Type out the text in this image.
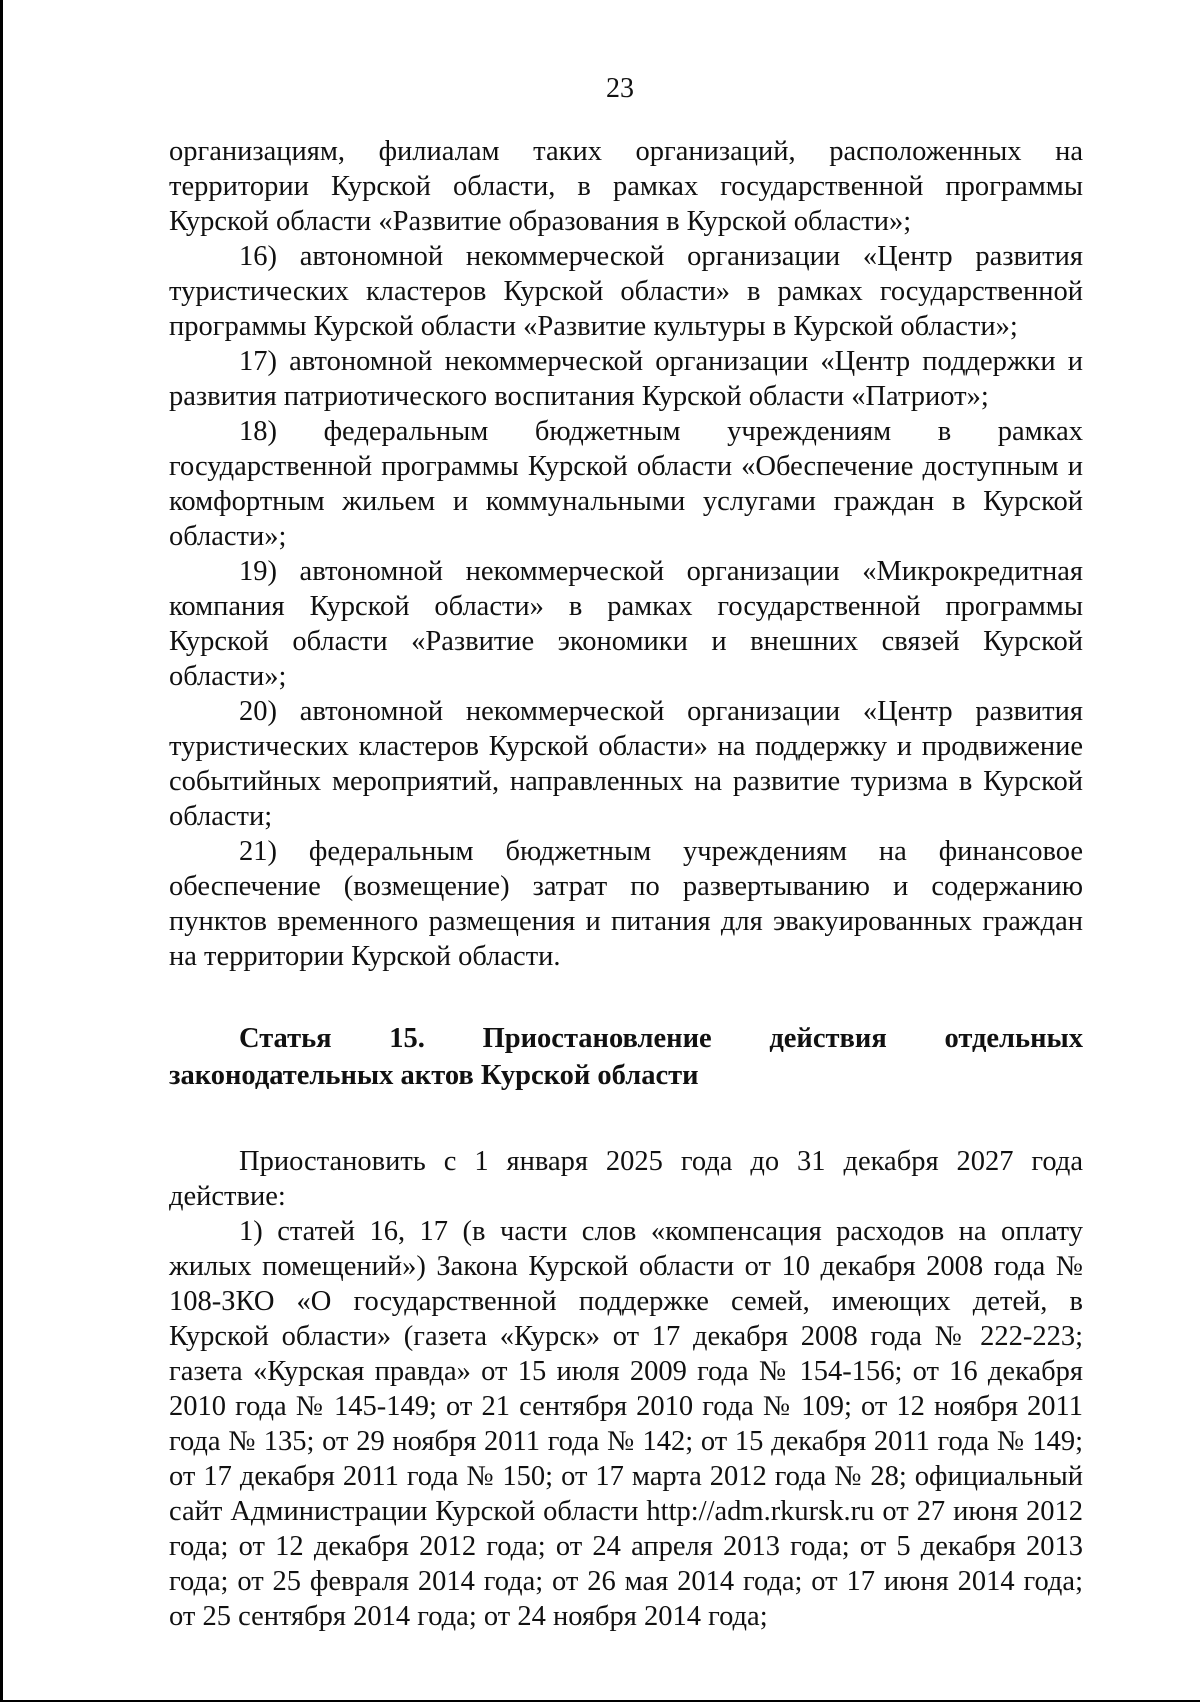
23

организациям, филиалам таких организаций, расположенных на территории Курской области, в рамках государственной программы Курской области «Развитие образования в Курской области»;

16) автономной некоммерческой организации «Центр развития туристических кластеров Курской области» в рамках государственной программы Курской области «Развитие культуры в Курской области»;

17) автономной некоммерческой организации «Центр поддержки и развития патриотического воспитания Курской области «Патриот»;

18) федеральным бюджетным учреждениям в рамках государственной программы Курской области «Обеспечение доступным и комфортным жильем и коммунальными услугами граждан в Курской области»;

19) автономной некоммерческой организации «Микрокредитная компания Курской области» в рамках государственной программы Курской области «Развитие экономики и внешних связей Курской области»;

20) автономной некоммерческой организации «Центр развития туристических кластеров Курской области» на поддержку и продвижение событийных мероприятий, направленных на развитие туризма в Курской области;

21) федеральным бюджетным учреждениям на финансовое обеспечение (возмещение) затрат по развертыванию и содержанию пунктов временного размещения и питания для эвакуированных граждан на территории Курской области.

Статья 15. Приостановление действия отдельных
законодательных актов Курской области

Приостановить с 1 января 2025 года до 31 декабря 2027 года действие:

1) статей 16, 17 (в части слов «компенсация расходов на оплату жилых помещений») Закона Курской области от 10 декабря 2008 года № 108-ЗКО «О государственной поддержке семей, имеющих детей, в Курской области» (газета «Курск» от 17 декабря 2008 года № 222-223; газета «Курская правда» от 15 июля 2009 года № 154-156; от 16 декабря 2010 года № 145-149; от 21 сентября 2010 года № 109; от 12 ноября 2011 года № 135; от 29 ноября 2011 года № 142; от 15 декабря 2011 года № 149; от 17 декабря 2011 года № 150; от 17 марта 2012 года № 28; официальный сайт Администрации Курской области http://adm.rkursk.ru от 27 июня 2012 года; от 12 декабря 2012 года; от 24 апреля 2013 года; от 5 декабря 2013 года; от 25 февраля 2014 года; от 26 мая 2014 года; от 17 июня 2014 года; от 25 сентября 2014 года; от 24 ноября 2014 года;
